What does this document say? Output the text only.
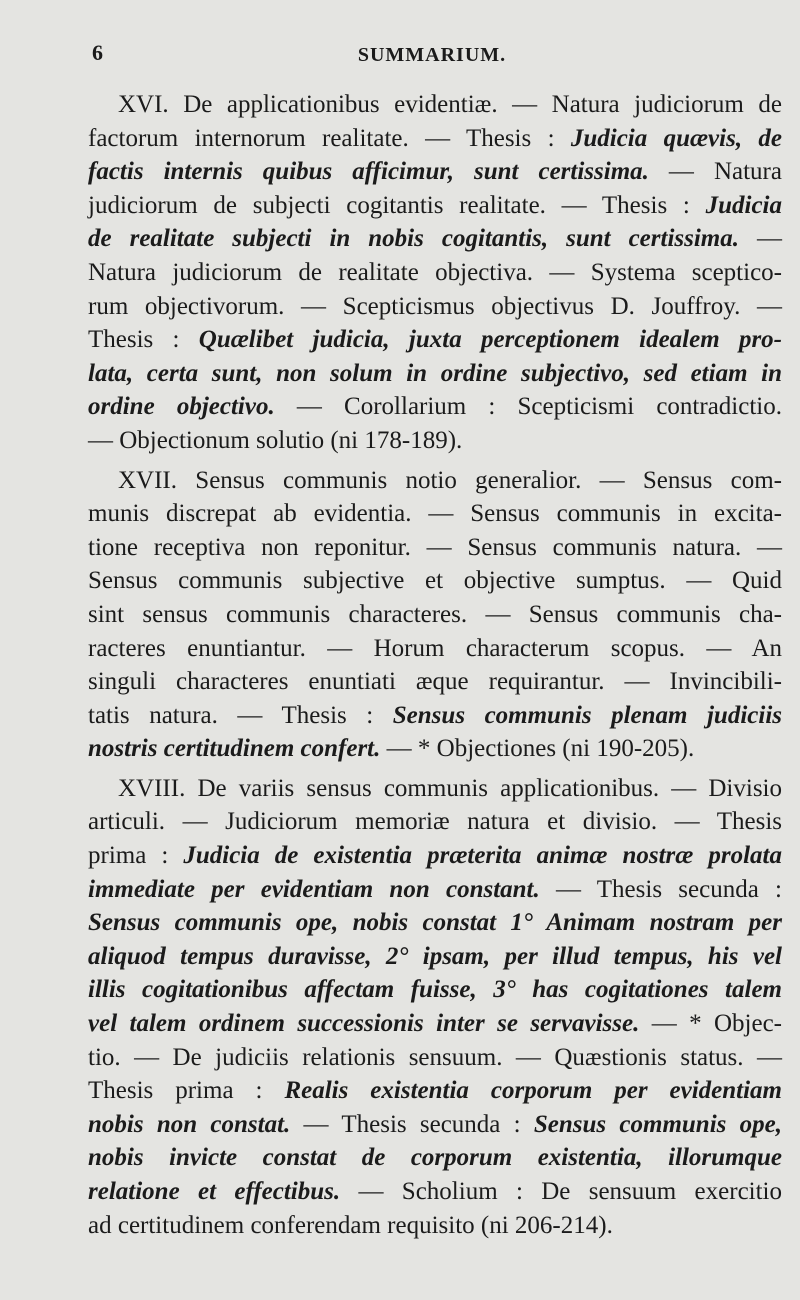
6	SUMMARIUM.
XVI. De applicationibus evidentiæ. — Natura judiciorum de
factorum internorum realitate. — Thesis : Judicia quævis, de
factis internis quibus afficimur, sunt certissima. — Natura
judiciorum de subjecti cogitantis realitate. — Thesis : Judicia
de realitate subjecti in nobis cogitantis, sunt certissima. —
Natura judiciorum de realitate objectiva. — Systema sceptico-
rum objectivorum. — Scepticismus objectivus D. Jouffroy. —
Thesis : Quælibet judicia, juxta perceptionem idealem pro-
lata, certa sunt, non solum in ordine subjectivo, sed etiam in
ordine objectivo. — Corollarium : Scepticismi contradictio.
— Objectionum solutio (ni 178-189).
XVII. Sensus communis notio generalior. — Sensus com-
munis discrepat ab evidentia. — Sensus communis in excita-
tione receptiva non reponitur. — Sensus communis natura. —
Sensus communis subjective et objective sumptus. — Quid
sint sensus communis characteres. — Sensus communis cha-
racteres enuntiantur. — Horum characterum scopus. — An
singuli characteres enuntiati æque requirantur. — Invincibili-
tatis natura. — Thesis : Sensus communis plenam judiciis
nostris certitudinem confert. — * Objectiones (ni 190-205).
XVIII. De variis sensus communis applicationibus. — Divisio
articuli. — Judiciorum memoriæ natura et divisio. — Thesis
prima : Judicia de existentia præterita animæ nostræ prolata
immediate per evidentiam non constant. — Thesis secunda :
Sensus communis ope, nobis constat 1° Animam nostram per
aliquod tempus duravisse, 2° ipsam, per illud tempus, his vel
illis cogitationibus affectam fuisse, 3° has cogitationes talem
vel talem ordinem successionis inter se servavisse. — * Objec-
tio. — De judiciis relationis sensuum. — Quæstionis status. —
Thesis prima : Realis existentia corporum per evidentiam
nobis non constat. — Thesis secunda : Sensus communis ope,
nobis invicte constat de corporum existentia, illorumque
relatione et effectibus. — Scholium : De sensuum exercitio
ad certitudinem conferendam requisito (ni 206-214).
